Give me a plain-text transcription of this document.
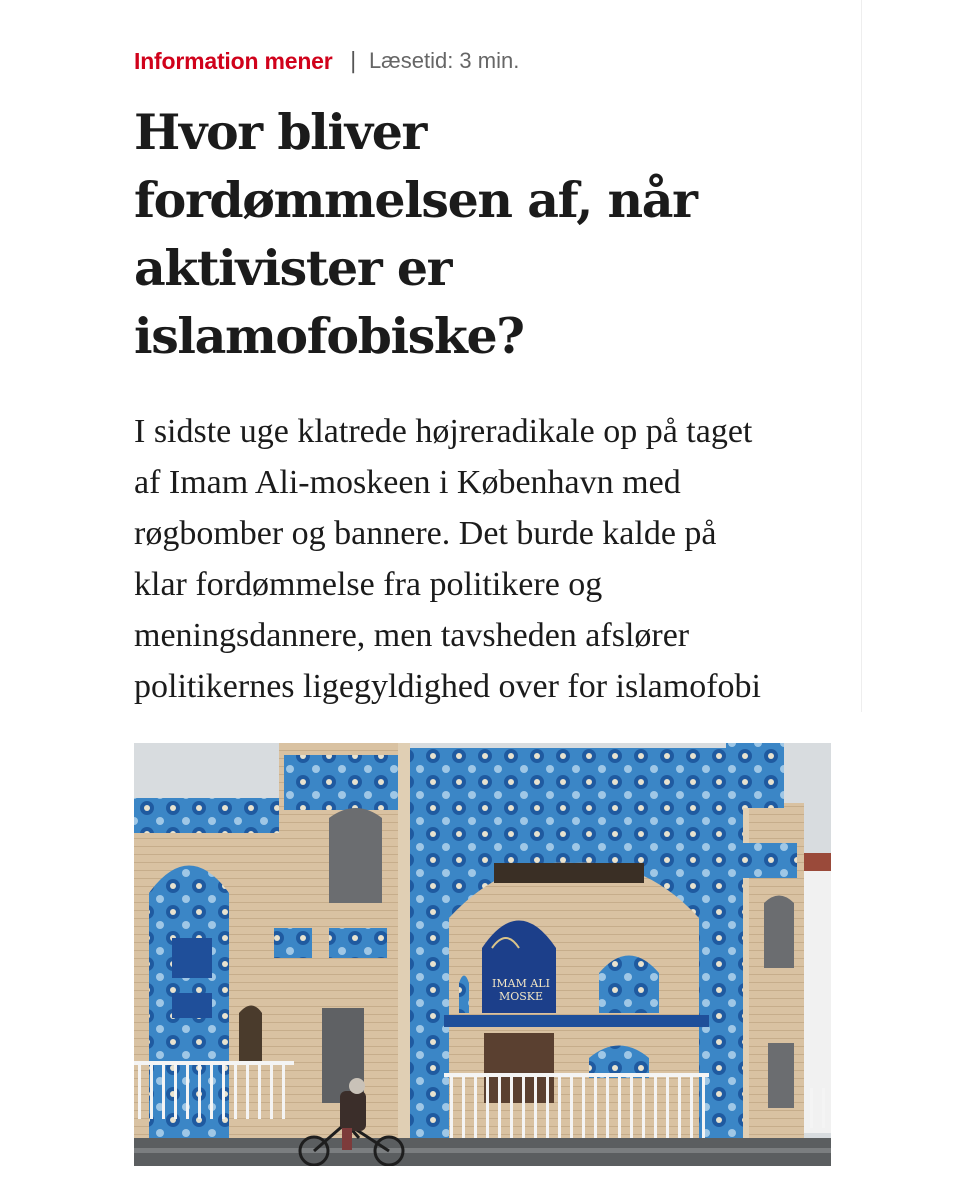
Information mener | Læsetid: 3 min.
Hvor bliver
fordømmelsen af, når
aktivister er
islamofobiske?

I sidste uge klatrede højreradikale op på taget
af Imam Ali-moskeen i København med
røgbomber og bannere. Det burde kalde på
klar fordømmelse fra politikere og
meningsdannere, men tavsheden afslører
politikernes ligegyldighed over for islamofobi

IMAM ALI
MOSKE
